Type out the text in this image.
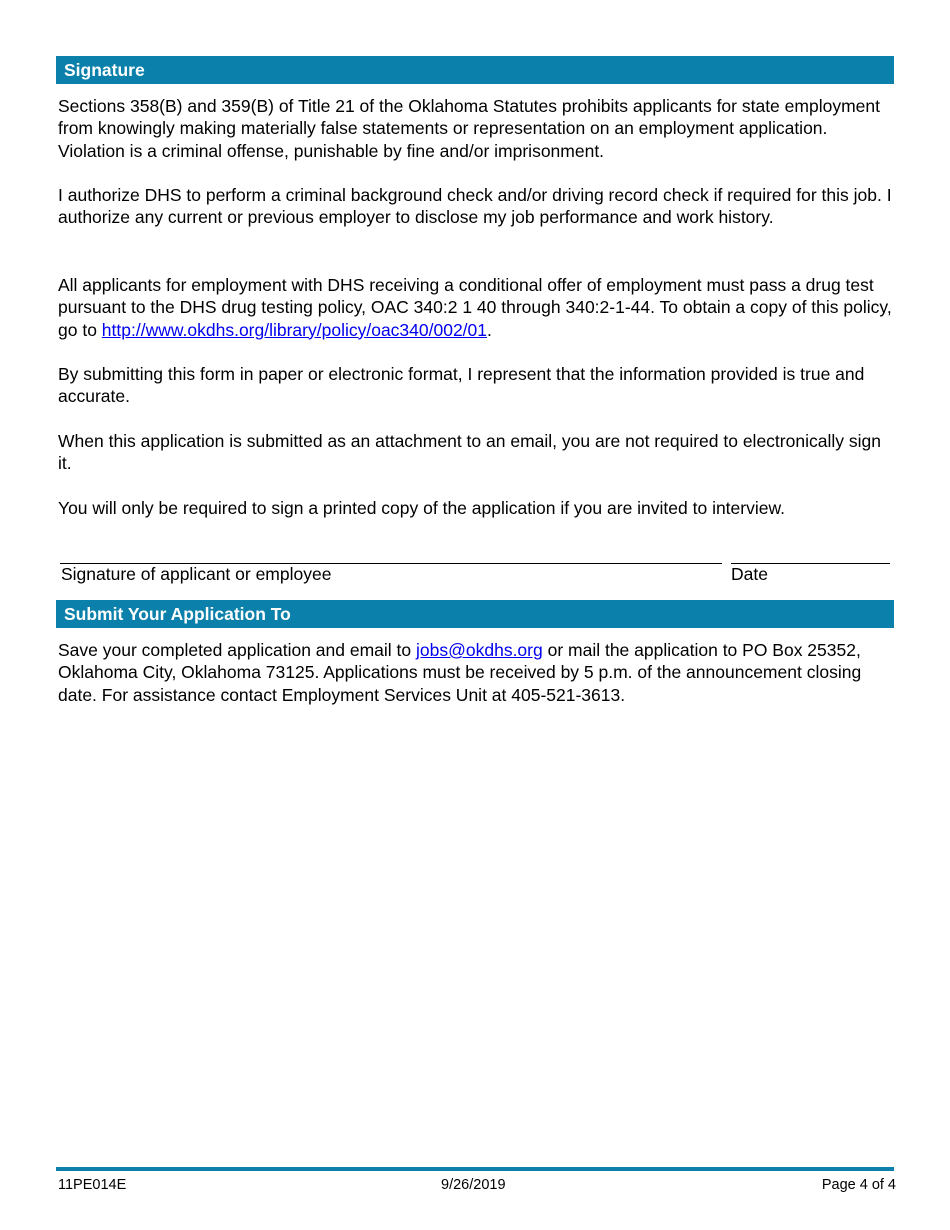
Signature

Sections 358(B) and 359(B) of Title 21 of the Oklahoma Statutes prohibits applicants for state employment from knowingly making materially false statements or representation on an employment application. Violation is a criminal offense, punishable by fine and/or imprisonment.

I authorize DHS to perform a criminal background check and/or driving record check if required for this job. I authorize any current or previous employer to disclose my job performance and work history.

All applicants for employment with DHS receiving a conditional offer of employment must pass a drug test pursuant to the DHS drug testing policy, OAC 340:2 1 40 through 340:2-1-44. To obtain a copy of this policy, go to http://www.okdhs.org/library/policy/oac340/002/01.

By submitting this form in paper or electronic format, I represent that the information provided is true and accurate.

When this application is submitted as an attachment to an email, you are not required to electronically sign it.

You will only be required to sign a printed copy of the application if you are invited to interview.

Signature of applicant or employee	Date
Submit Your Application To

Save your completed application and email to jobs@okdhs.org or mail the application to PO Box 25352, Oklahoma City, Oklahoma 73125. Applications must be received by 5 p.m. of the announcement closing date. For assistance contact Employment Services Unit at 405-521-3613.

11PE014E	9/26/2019	Page 4 of 4
